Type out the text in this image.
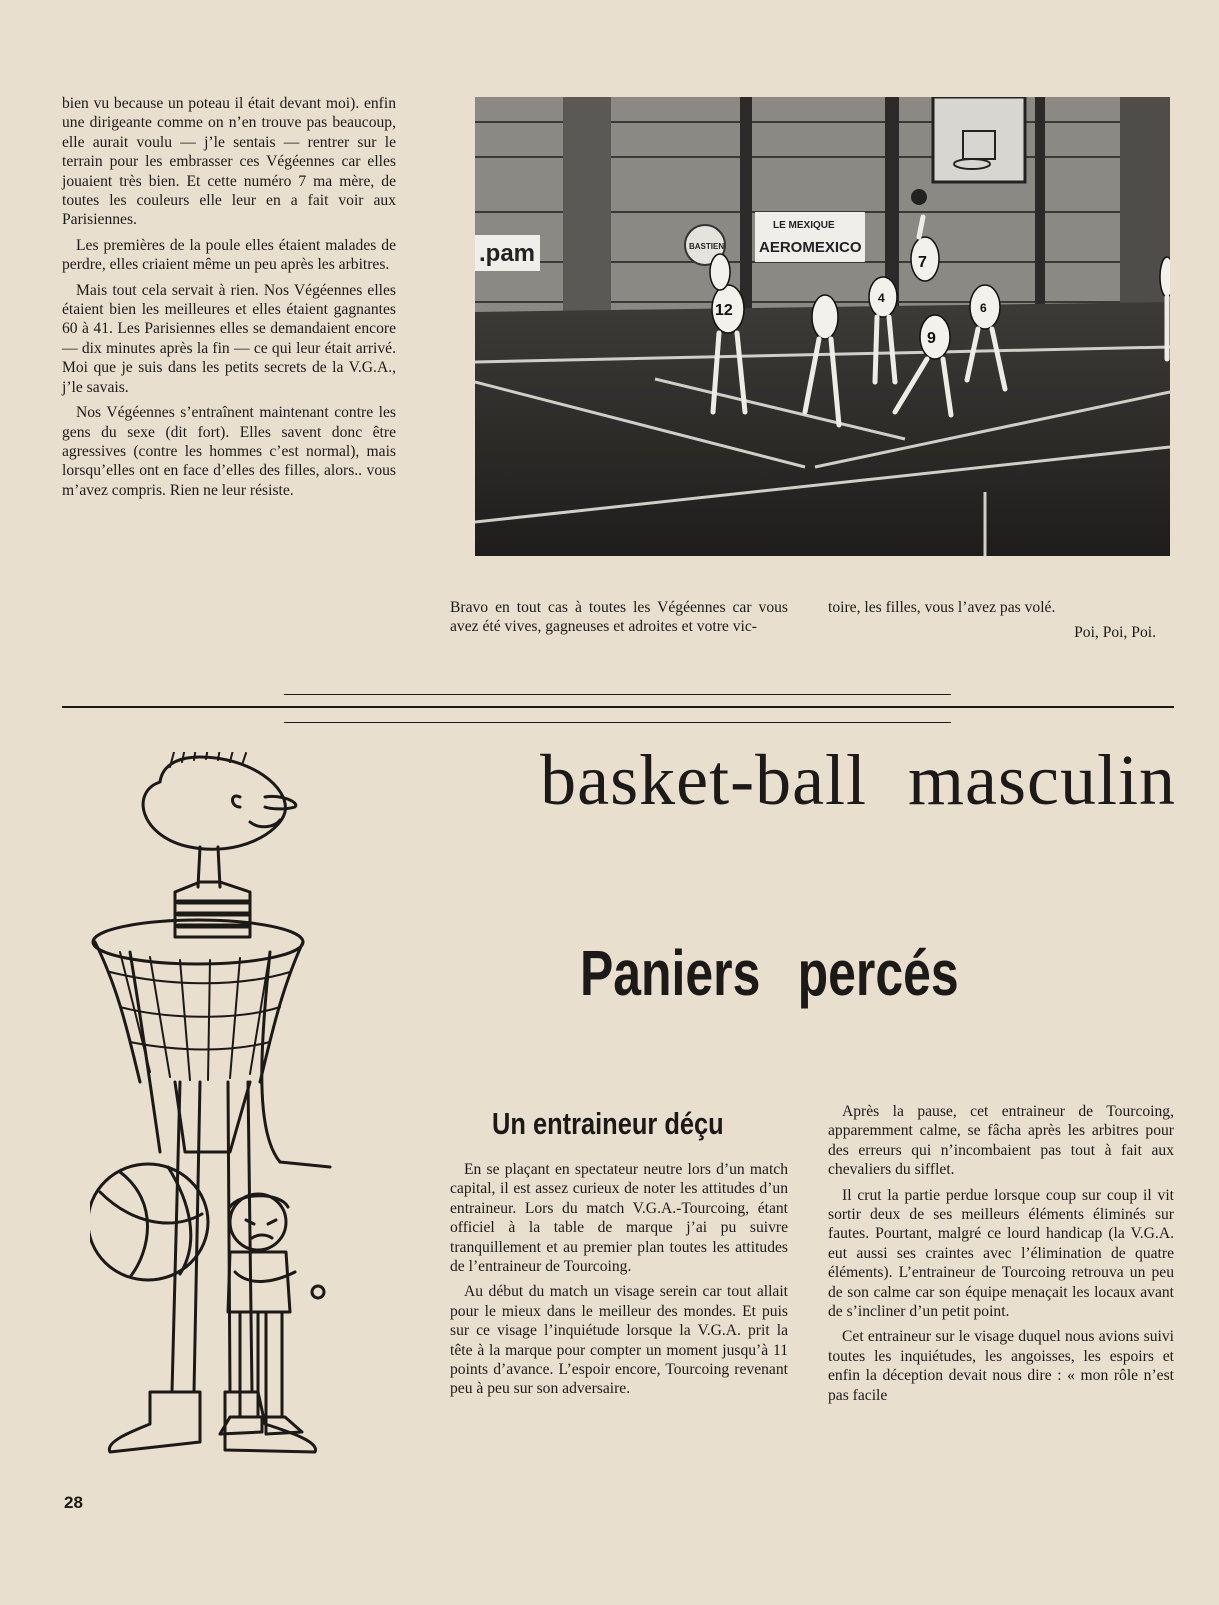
bien vu because un poteau il était devant moi). enfin une dirigeante comme on n’en trouve pas beaucoup, elle aurait voulu — j’le sentais — rentrer sur le terrain pour les embrasser ces Végéennes car elles jouaient très bien. Et cette numéro 7 ma mère, de toutes les couleurs elle leur en a fait voir aux Parisiennes.

Les premières de la poule elles étaient malades de perdre, elles criaient même un peu après les arbitres.

Mais tout cela servait à rien. Nos Végéennes elles étaient bien les meilleures et elles étaient gagnantes 60 à 41. Les Parisiennes elles se demandaient encore — dix minutes après la fin — ce qui leur était arrivé. Moi que je suis dans les petits secrets de la V.G.A., j’le savais.

Nos Végéennes s’entraînent maintenant contre les gens du sexe (dit fort). Elles savent donc être agressives (contre les hommes c’est normal), mais lorsqu’elles ont en face d’elles des filles, alors.. vous m’avez compris. Rien ne leur résiste.

.pam
LE MEXIQUE
AEROMEXICO
BASTIEN
7
12
4
9
6

Bravo en tout cas à toutes les Végéennes car vous avez été vives, gagneuses et adroites et votre vic-

toire, les filles, vous l’avez pas volé.

Poi, Poi, Poi.

basket-ball masculin
Paniers percés
Un entraineur déçu

En se plaçant en spectateur neutre lors d’un match capital, il est assez curieux de noter les attitudes d’un entraineur. Lors du match V.G.A.-Tourcoing, étant officiel à la table de marque j’ai pu suivre tranquillement et au premier plan toutes les attitudes de l’entraineur de Tourcoing.

Au début du match un visage serein car tout allait pour le mieux dans le meilleur des mondes. Et puis sur ce visage l’inquiétude lorsque la V.G.A. prit la tête à la marque pour compter un moment jusqu’à 11 points d’avance. L’espoir encore, Tourcoing revenant peu à peu sur son adversaire.

Après la pause, cet entraineur de Tourcoing, apparemment calme, se fâcha après les arbitres pour des erreurs qui n’incombaient pas tout à fait aux chevaliers du sifflet.

Il crut la partie perdue lorsque coup sur coup il vit sortir deux de ses meilleurs éléments éliminés sur fautes. Pourtant, malgré ce lourd handicap (la V.G.A. eut aussi ses craintes avec l’élimination de quatre éléments). L’entraineur de Tourcoing retrouva un peu de son calme car son équipe menaçait les locaux avant de s’incliner d’un petit point.

Cet entraineur sur le visage duquel nous avions suivi toutes les inquiétudes, les angoisses, les espoirs et enfin la déception devait nous dire : « mon rôle n’est pas facile

28
